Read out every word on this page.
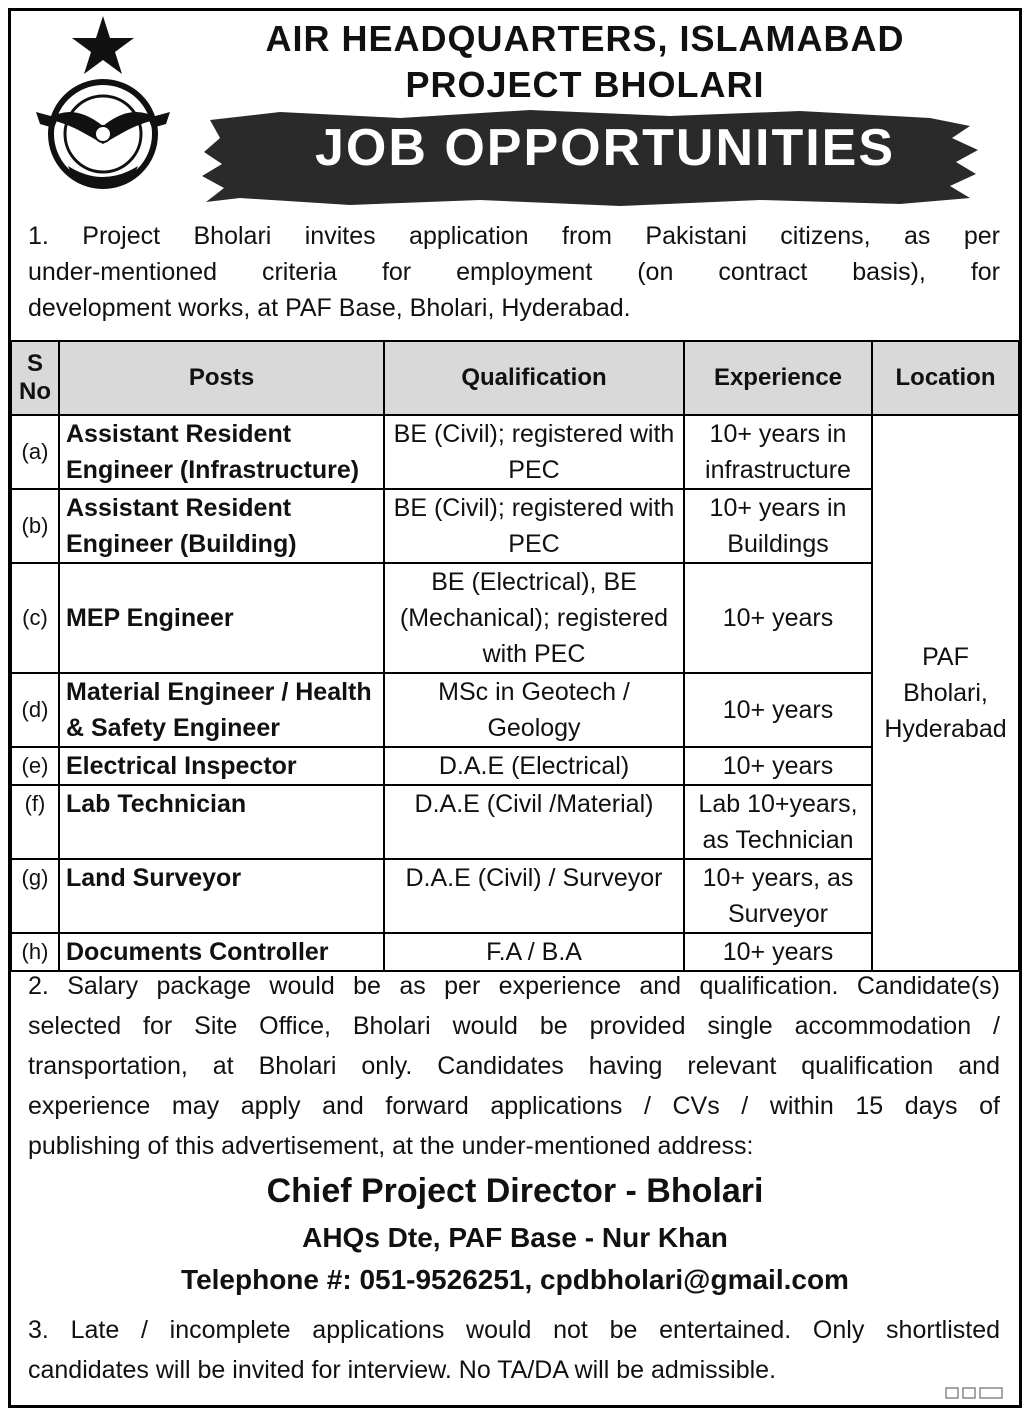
AIR HEADQUARTERS, ISLAMABAD
PROJECT BHOLARI
JOB OPPORTUNITIES
1. Project Bholari invites application from Pakistani citizens, as per
under-mentioned criteria for employment (on contract basis), for
development works, at PAF Base, Bholari, Hyderabad.
S No	Posts	Qualification	Experience	Location
(a)	Assistant Resident Engineer (Infrastructure)	BE (Civil); registered with PEC	10+ years in infrastructure	PAF Bholari, Hyderabad
(b)	Assistant Resident Engineer (Building)	BE (Civil); registered with PEC	10+ years in Buildings	
(c)	MEP Engineer	BE (Electrical), BE (Mechanical); registered with PEC	10+ years	
(d)	Material Engineer / Health & Safety Engineer	MSc in Geotech / Geology	10+ years	
(e)	Electrical Inspector	D.A.E (Electrical)	10+ years	
(f)	Lab Technician	D.A.E (Civil /Material)	Lab 10+years, as Technician	
(g)	Land Surveyor	D.A.E (Civil) / Surveyor	10+ years, as Surveyor	
(h)	Documents Controller	F.A / B.A	10+ years	
2. Salary package would be as per experience and qualification. Candidate(s)
selected for Site Office, Bholari would be provided single accommodation /
transportation, at Bholari only. Candidates having relevant qualification and
experience may apply and forward applications / CVs / within 15 days of
publishing of this advertisement, at the under-mentioned address:
Chief Project Director - Bholari
AHQs Dte, PAF Base - Nur Khan
Telephone #: 051-9526251, cpdbholari@gmail.com
3. Late / incomplete applications would not be entertained. Only shortlisted
candidates will be invited for interview. No TA/DA will be admissible.
